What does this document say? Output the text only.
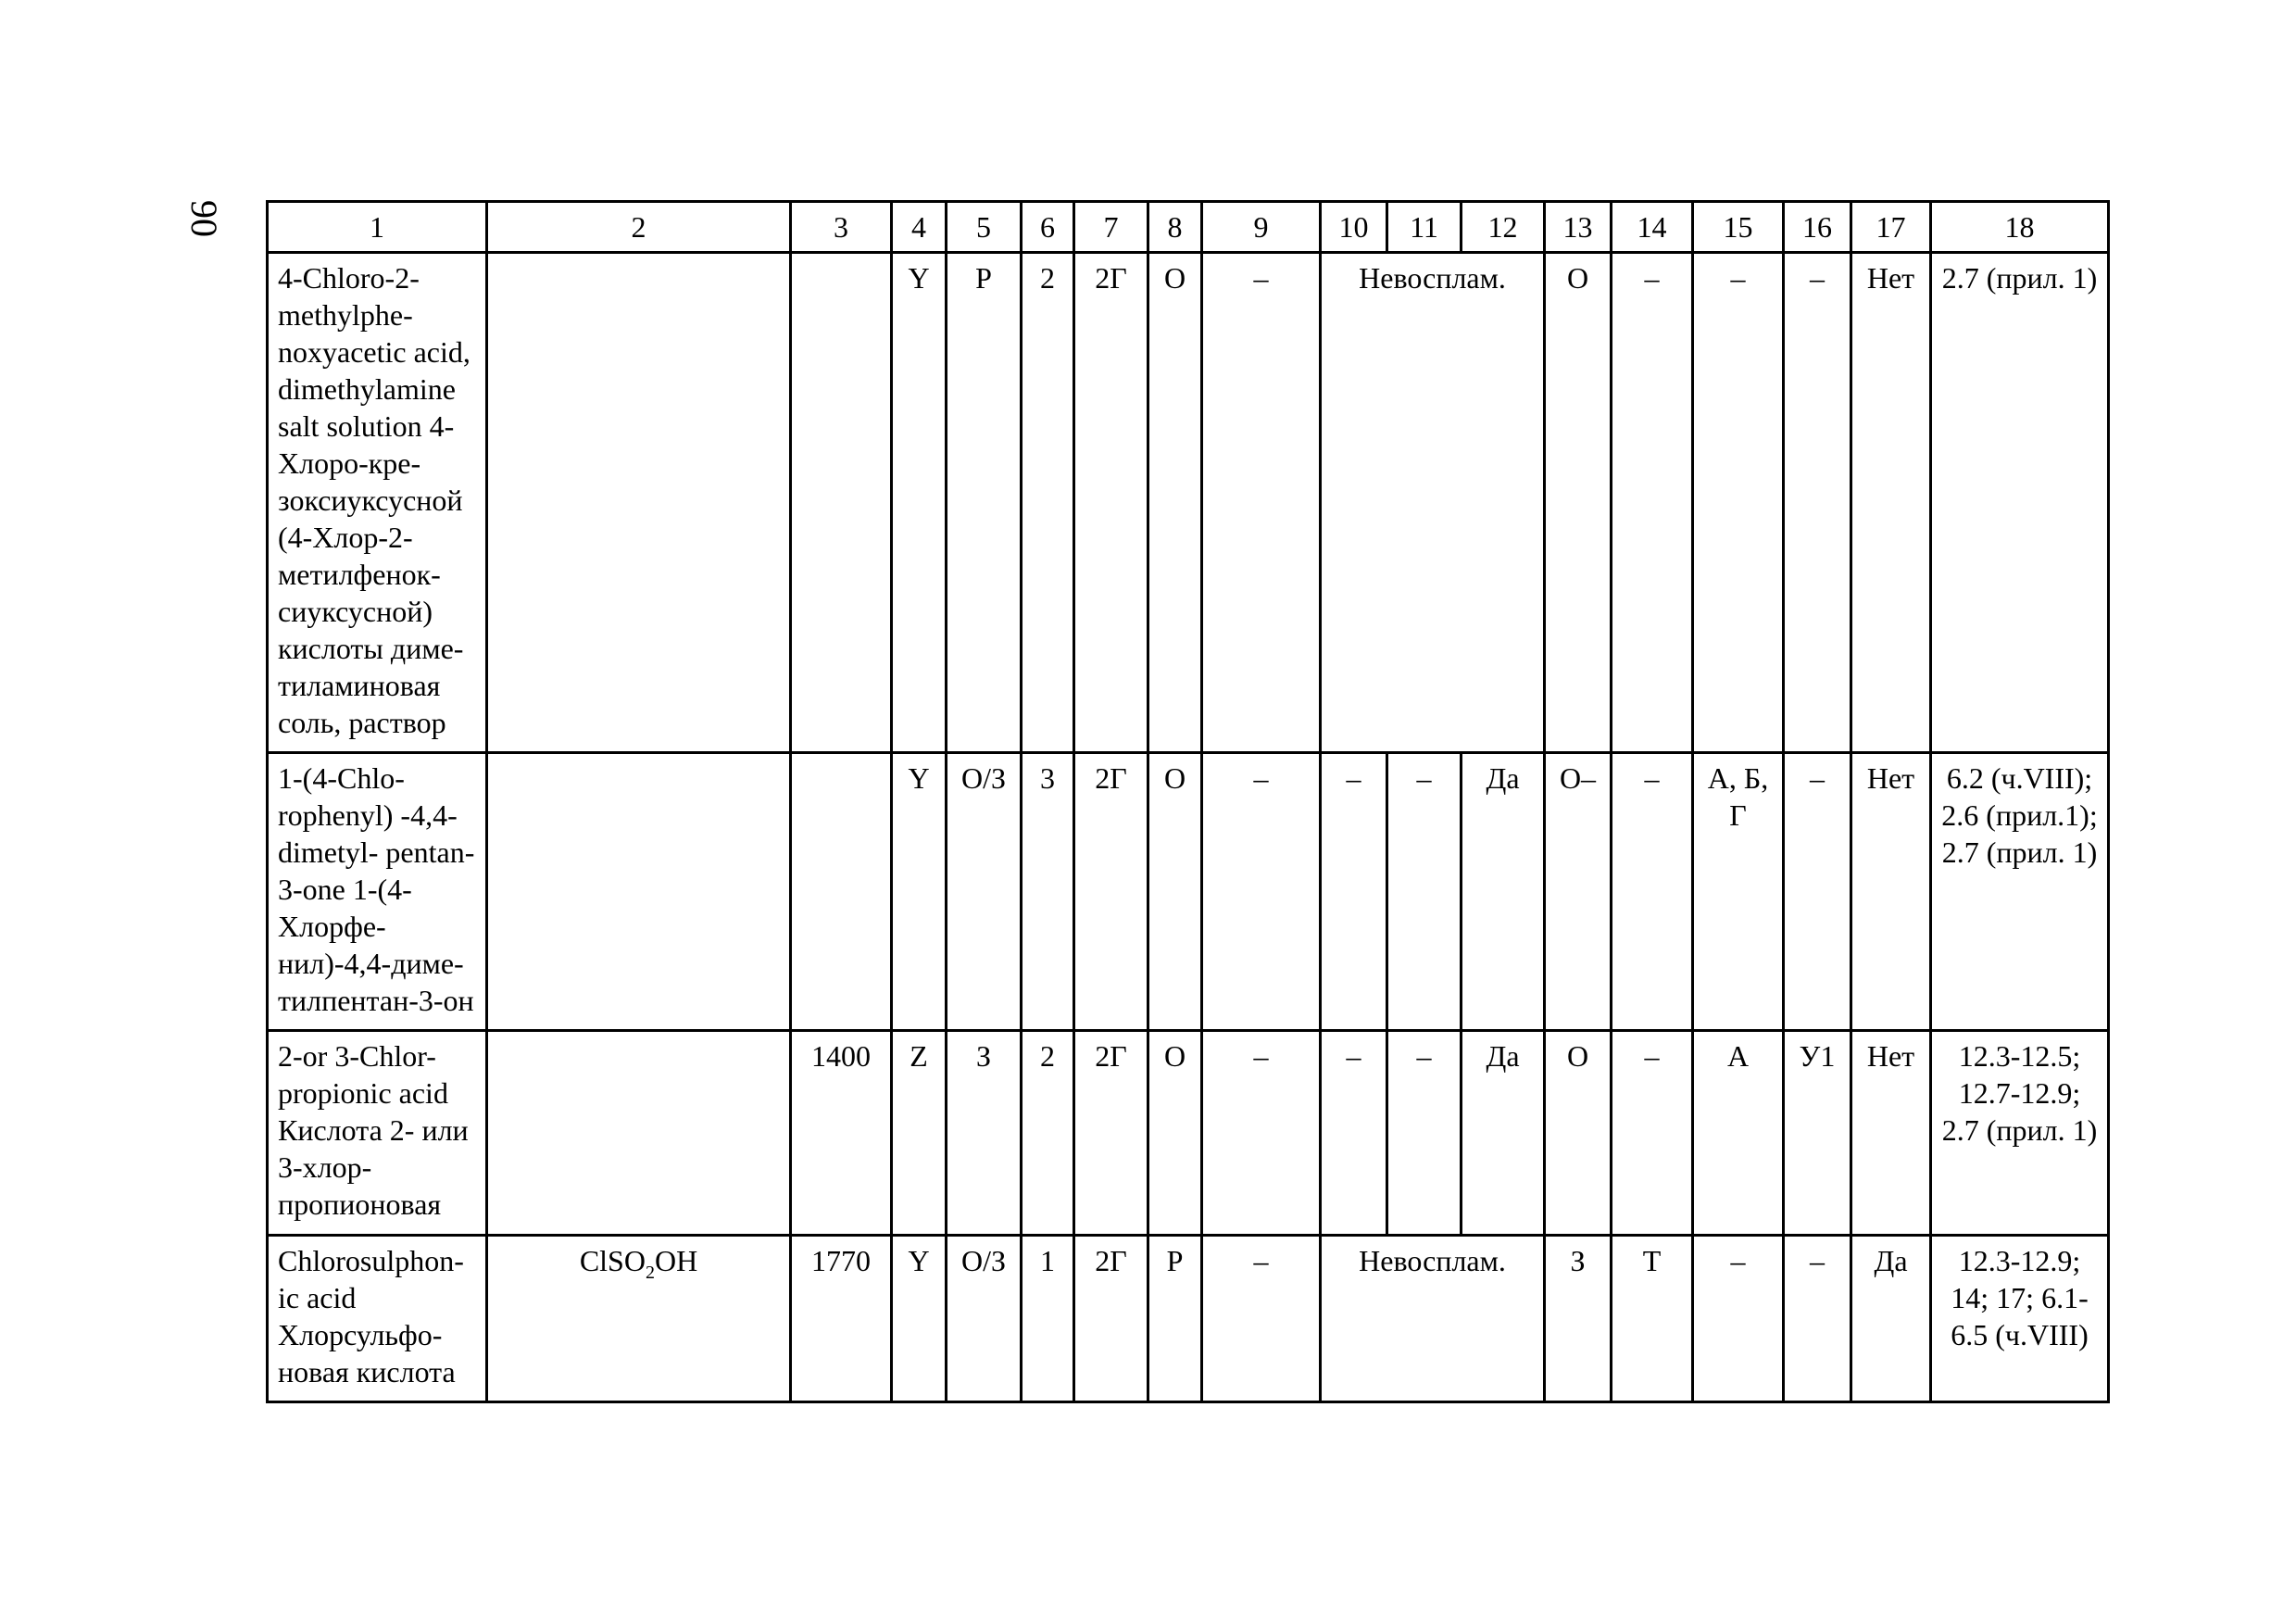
90	1	2	3	4	5	6	7	8	9	10	11	12	13	14	15	16	17	18
4-Chloro-2- methylphe- noxyacetic acid, dimethylamine salt solution 4-Хлоро-кре- зоксиуксусной (4-Хлор-2- метилфенок- сиуксусной) кислоты диме- тиламиновая соль, раствор			Y	P	2	2Г	O	–	Невосплам.			O	–	–	–	Нет	2.7 (прил. 1)
1-(4-Chlo- rophenyl) -4,4-dimetyl- pentan-3-one 1-(4-Хлорфе- нил)-4,4-диме- тилпентан-3-он			Y	O/З	3	2Г	O	–	–	–	Да	O–	–	А, Б, Г	–	Нет	6.2 (ч.VIII); 2.6 (прил.1); 2.7 (прил. 1)
2-or 3-Chlor- propionic acid Кислота 2- или 3-хлор- пропионовая		1400	Z	З	2	2Г	O	–	–	–	Да	O	–	А	У1	Нет	12.3-12.5; 12.7-12.9; 2.7 (прил. 1)
Chlorosulphon- ic acid Хлорсульфо- новая кислота	ClSO$_2$OH	1770	Y	O/З	1	2Г	P	–	Невосплам.			З	Т	–	–	Да	12.3-12.9; 14; 17; 6.1-6.5 (ч.VIII)
